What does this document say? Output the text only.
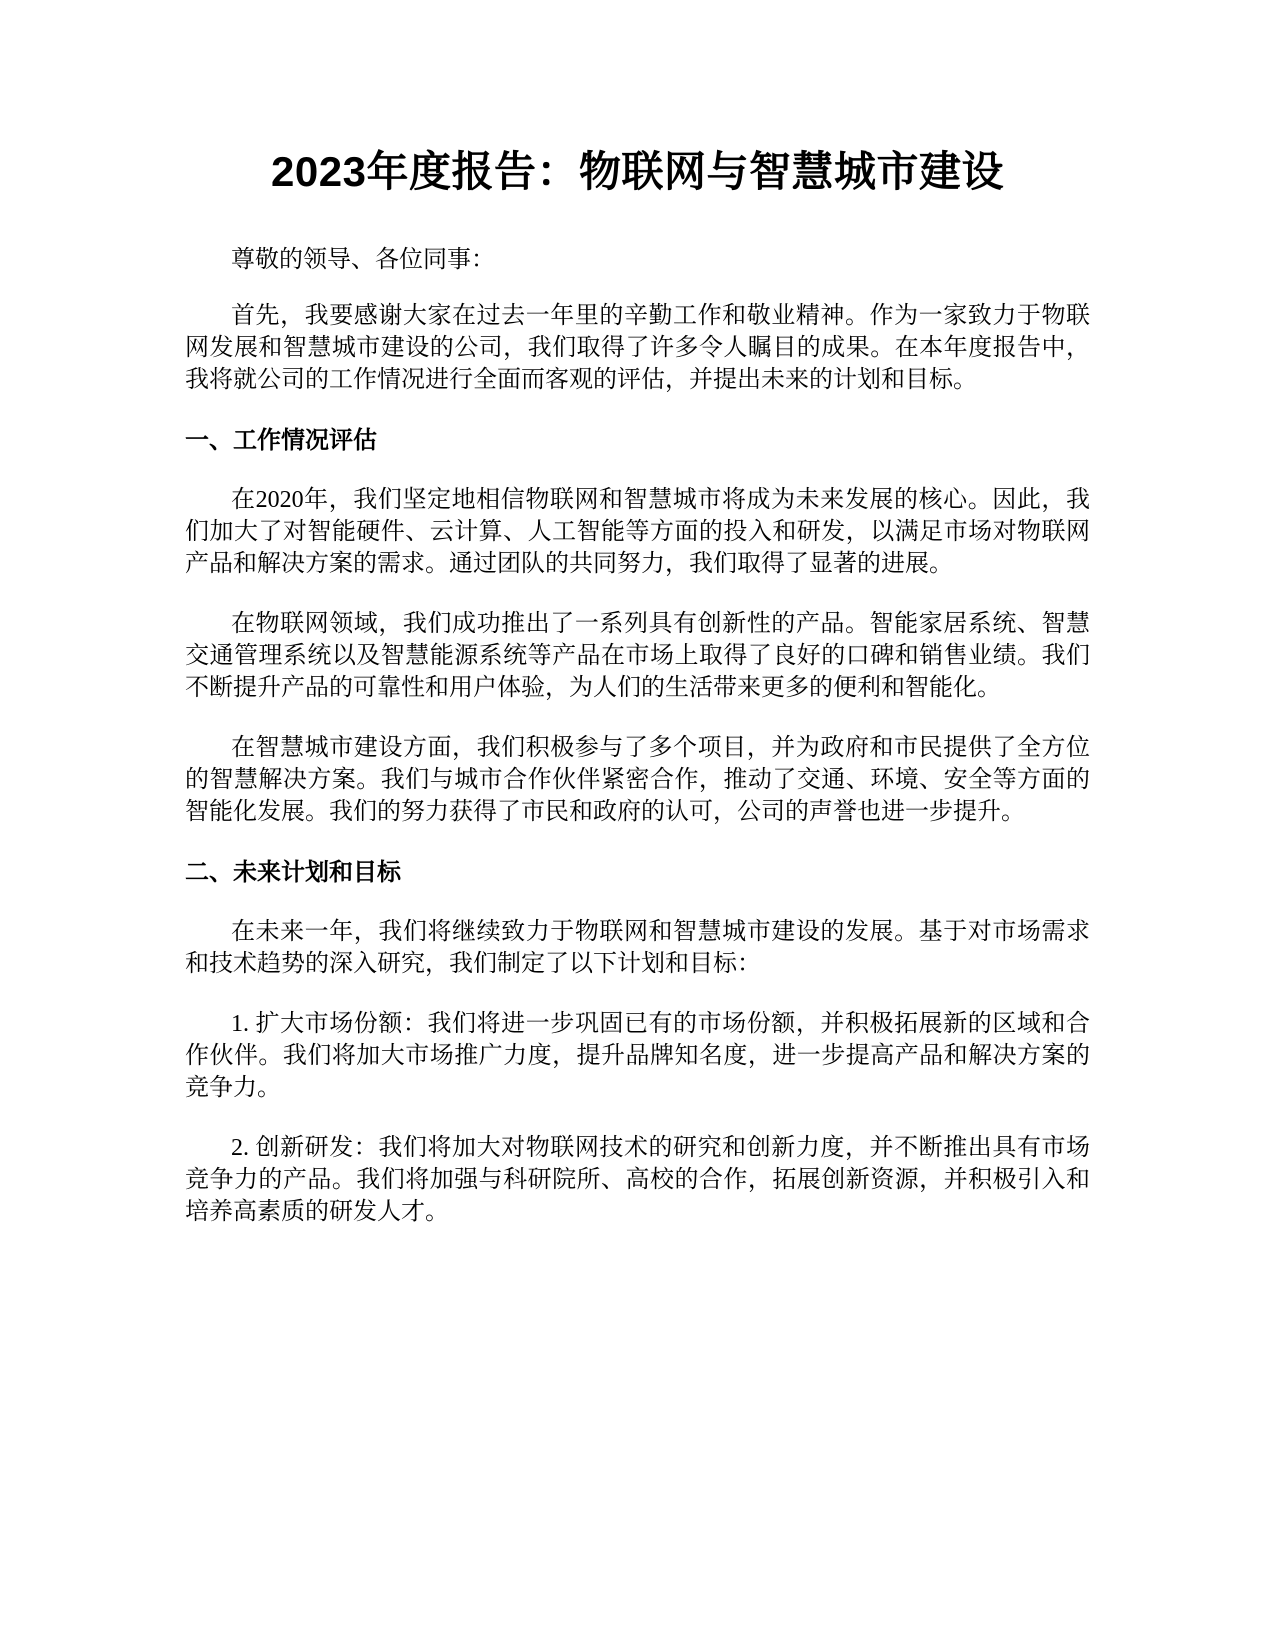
2023年度报告：物联网与智慧城市建设

尊敬的领导、各位同事：

首先，我要感谢大家在过去一年里的辛勤工作和敬业精神。作为一家致力于物联网发展和智慧城市建设的公司，我们取得了许多令人瞩目的成果。在本年度报告中，我将就公司的工作情况进行全面而客观的评估，并提出未来的计划和目标。

一、工作情况评估

在2020年，我们坚定地相信物联网和智慧城市将成为未来发展的核心。因此，我们加大了对智能硬件、云计算、人工智能等方面的投入和研发，以满足市场对物联网产品和解决方案的需求。通过团队的共同努力，我们取得了显著的进展。

在物联网领域，我们成功推出了一系列具有创新性的产品。智能家居系统、智慧交通管理系统以及智慧能源系统等产品在市场上取得了良好的口碑和销售业绩。我们不断提升产品的可靠性和用户体验，为人们的生活带来更多的便利和智能化。

在智慧城市建设方面，我们积极参与了多个项目，并为政府和市民提供了全方位的智慧解决方案。我们与城市合作伙伴紧密合作，推动了交通、环境、安全等方面的智能化发展。我们的努力获得了市民和政府的认可，公司的声誉也进一步提升。

二、未来计划和目标

在未来一年，我们将继续致力于物联网和智慧城市建设的发展。基于对市场需求和技术趋势的深入研究，我们制定了以下计划和目标：

1. 扩大市场份额：我们将进一步巩固已有的市场份额，并积极拓展新的区域和合作伙伴。我们将加大市场推广力度，提升品牌知名度，进一步提高产品和解决方案的竞争力。

2. 创新研发：我们将加大对物联网技术的研究和创新力度，并不断推出具有市场竞争力的产品。我们将加强与科研院所、高校的合作，拓展创新资源，并积极引入和培养高素质的研发人才。
